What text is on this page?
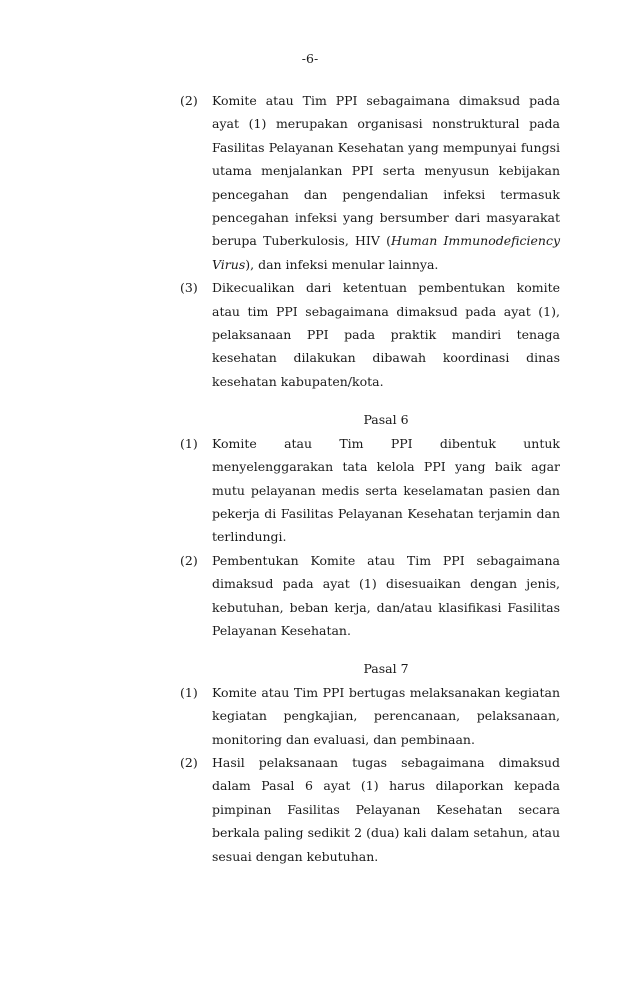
-6-
(2) Komite atau Tim PPI sebagaimana dimaksud pada ayat (1) merupakan organisasi nonstruktural pada Fasilitas Pelayanan Kesehatan yang mempunyai fungsi utama menjalankan PPI serta menyusun kebijakan pencegahan dan pengendalian infeksi termasuk pencegahan infeksi yang bersumber dari masyarakat berupa Tuberkulosis, HIV (Human Immunodeficiency Virus), dan infeksi menular lainnya.
(3) Dikecualikan dari ketentuan pembentukan komite atau tim PPI sebagaimana dimaksud pada ayat (1), pelaksanaan PPI pada praktik mandiri tenaga kesehatan dilakukan dibawah koordinasi dinas kesehatan kabupaten/kota.
Pasal 6
(1) Komite atau Tim PPI dibentuk untuk menyelenggarakan tata kelola PPI yang baik agar mutu pelayanan medis serta keselamatan pasien dan pekerja di Fasilitas Pelayanan Kesehatan terjamin dan terlindungi.
(2) Pembentukan Komite atau Tim PPI sebagaimana dimaksud pada ayat (1) disesuaikan dengan jenis, kebutuhan, beban kerja, dan/atau klasifikasi Fasilitas Pelayanan Kesehatan.
Pasal 7
(1) Komite atau Tim PPI bertugas melaksanakan kegiatan kegiatan pengkajian, perencanaan, pelaksanaan, monitoring dan evaluasi, dan pembinaan.
(2) Hasil pelaksanaan tugas sebagaimana dimaksud dalam Pasal 6 ayat (1) harus dilaporkan kepada pimpinan Fasilitas Pelayanan Kesehatan secara berkala paling sedikit 2 (dua) kali dalam setahun, atau sesuai dengan kebutuhan.
